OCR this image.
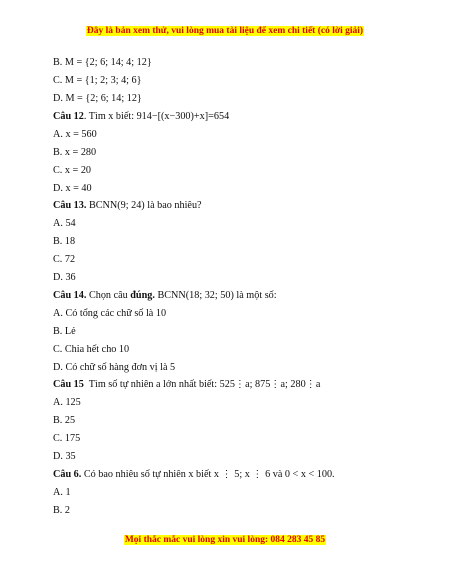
Đây là bản xem thử, vui lòng mua tài liệu để xem chi tiết (có lời giải)
B. M = {2; 6; 14; 4; 12}
C. M = {1; 2; 3; 4; 6}
D. M = {2; 6; 14; 12}
Câu 12. Tìm x biết: 914−[(x−300)+x]=654
A. x = 560
B. x = 280
C. x = 20
D. x = 40
Câu 13. BCNN(9; 24) là bao nhiêu?
A. 54
B. 18
C. 72
D. 36
Câu 14. Chọn câu đúng. BCNN(18; 32; 50) là một số:
A. Có tổng các chữ số là 10
B. Lẻ
C. Chia hết cho 10
D. Có chữ số hàng đơn vị là 5
Câu 15  Tìm số tự nhiên a lớn nhất biết: 525⋮a; 875⋮a; 280⋮a
A. 125
B. 25
C. 175
D. 35
Câu 6. Có bao nhiêu số tự nhiên x biết x ⋮ 5; x ⋮ 6 và 0 < x < 100.
A. 1
B. 2
Mọi thắc mắc vui lòng xin vui lòng: 084 283 45 85
